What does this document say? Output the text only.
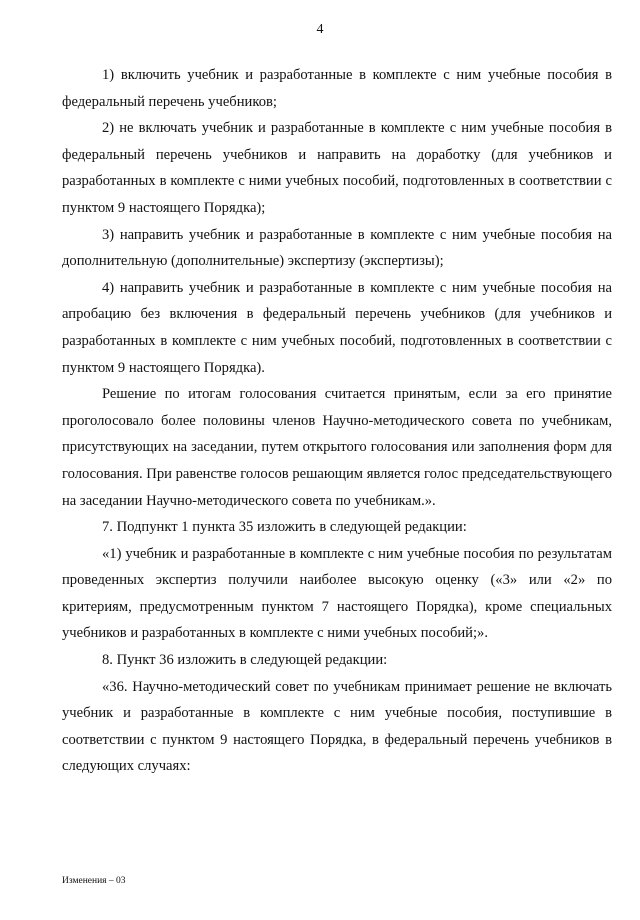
4

1) включить учебник и разработанные в комплекте с ним учебные пособия в федеральный перечень учебников;

2) не включать учебник и разработанные в комплекте с ним учебные пособия в федеральный перечень учебников и направить на доработку (для учебников и разработанных в комплекте с ними учебных пособий, подготовленных в соответствии с пунктом 9 настоящего Порядка);

3) направить учебник и разработанные в комплекте с ним учебные пособия на дополнительную (дополнительные) экспертизу (экспертизы);

4) направить учебник и разработанные в комплекте с ним учебные пособия на апробацию без включения в федеральный перечень учебников (для учебников и разработанных в комплекте с ним учебных пособий, подготовленных в соответствии с пунктом 9 настоящего Порядка).

Решение по итогам голосования считается принятым, если за его принятие проголосовало более половины членов Научно-методического совета по учебникам, присутствующих на заседании, путем открытого голосования или заполнения форм для голосования. При равенстве голосов решающим является голос председательствующего на заседании Научно-методического совета по учебникам.».

7. Подпункт 1 пункта 35 изложить в следующей редакции:

«1) учебник и разработанные в комплекте с ним учебные пособия по результатам проведенных экспертиз получили наиболее высокую оценку («3» или «2» по критериям, предусмотренным пунктом 7 настоящего Порядка), кроме специальных учебников и разработанных в комплекте с ними учебных пособий;».

8. Пункт 36 изложить в следующей редакции:

«36. Научно-методический совет по учебникам принимает решение не включать учебник и разработанные в комплекте с ним учебные пособия, поступившие в соответствии с пунктом 9 настоящего Порядка, в федеральный перечень учебников в следующих случаях:

Изменения – 03
